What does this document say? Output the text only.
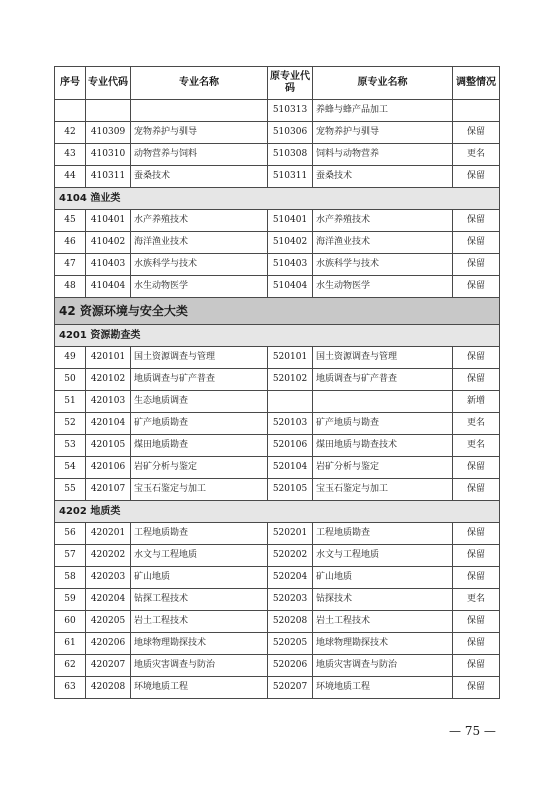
序号	专业代码	专业名称	原专业代码	原专业名称	调整情况
			510313	养蜂与蜂产品加工	
42	410309	宠物养护与驯导	510306	宠物养护与驯导	保留
43	410310	动物营养与饲料	510308	饲料与动物营养	更名
44	410311	蚕桑技术	510311	蚕桑技术	保留
4104 渔业类					
45	410401	水产养殖技术	510401	水产养殖技术	保留
46	410402	海洋渔业技术	510402	海洋渔业技术	保留
47	410403	水族科学与技术	510403	水族科学与技术	保留
48	410404	水生动物医学	510404	水生动物医学	保留
42 资源环境与安全大类					
4201 资源勘查类					
49	420101	国土资源调查与管理	520101	国土资源调查与管理	保留
50	420102	地质调查与矿产普查	520102	地质调查与矿产普查	保留
51	420103	生态地质调查			新增
52	420104	矿产地质勘查	520103	矿产地质与勘查	更名
53	420105	煤田地质勘查	520106	煤田地质与勘查技术	更名
54	420106	岩矿分析与鉴定	520104	岩矿分析与鉴定	保留
55	420107	宝玉石鉴定与加工	520105	宝玉石鉴定与加工	保留
4202 地质类					
56	420201	工程地质勘查	520201	工程地质勘查	保留
57	420202	水文与工程地质	520202	水文与工程地质	保留
58	420203	矿山地质	520204	矿山地质	保留
59	420204	钻探工程技术	520203	钻探技术	更名
60	420205	岩土工程技术	520208	岩土工程技术	保留
61	420206	地球物理勘探技术	520205	地球物理勘探技术	保留
62	420207	地质灾害调查与防治	520206	地质灾害调查与防治	保留
63	420208	环境地质工程	520207	环境地质工程	保留
— 75 —
